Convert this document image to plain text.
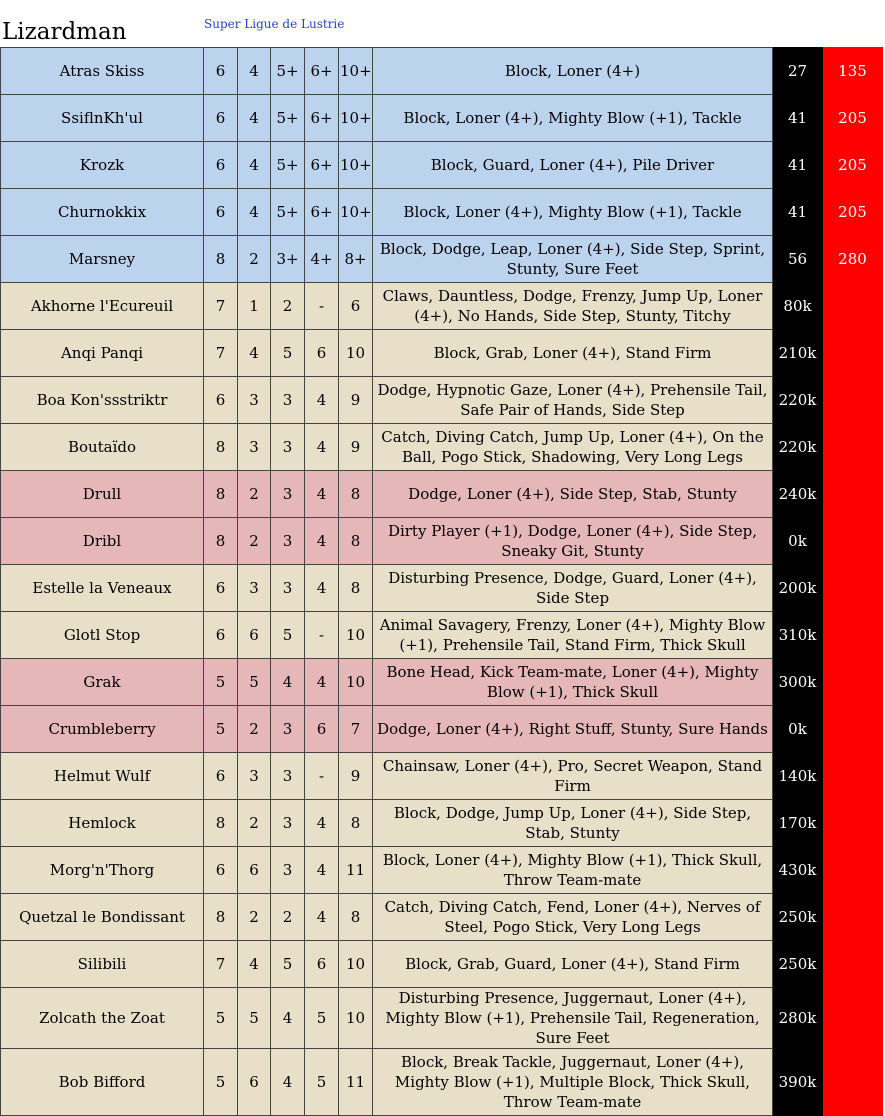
Lizardman	Super Ligue de Lustrie
Atras Skiss	6	4	5+	6+	10+	Block, Loner (4+)	27	135
SsiflnKh'ul	6	4	5+	6+	10+	Block, Loner (4+), Mighty Blow (+1), Tackle	41	205
Krozk	6	4	5+	6+	10+	Block, Guard, Loner (4+), Pile Driver	41	205
Churnokkix	6	4	5+	6+	10+	Block, Loner (4+), Mighty Blow (+1), Tackle	41	205
Marsney	8	2	3+	4+	8+	Block, Dodge, Leap, Loner (4+), Side Step, Sprint, Stunty, Sure Feet	56	280
Akhorne l'Ecureuil	7	1	2	-	6	Claws, Dauntless, Dodge, Frenzy, Jump Up, Loner (4+), No Hands, Side Step, Stunty, Titchy	80k	
Anqi Panqi	7	4	5	6	10	Block, Grab, Loner (4+), Stand Firm	210k	
Boa Kon'ssstriktr	6	3	3	4	9	Dodge, Hypnotic Gaze, Loner (4+), Prehensile Tail, Safe Pair of Hands, Side Step	220k	
Boutaïdo	8	3	3	4	9	Catch, Diving Catch, Jump Up, Loner (4+), On the Ball, Pogo Stick, Shadowing, Very Long Legs	220k	
Drull	8	2	3	4	8	Dodge, Loner (4+), Side Step, Stab, Stunty	240k	
Dribl	8	2	3	4	8	Dirty Player (+1), Dodge, Loner (4+), Side Step, Sneaky Git, Stunty	0k	
Estelle la Veneaux	6	3	3	4	8	Disturbing Presence, Dodge, Guard, Loner (4+), Side Step	200k	
Glotl Stop	6	6	5	-	10	Animal Savagery, Frenzy, Loner (4+), Mighty Blow (+1), Prehensile Tail, Stand Firm, Thick Skull	310k	
Grak	5	5	4	4	10	Bone Head, Kick Team-mate, Loner (4+), Mighty Blow (+1), Thick Skull	300k	
Crumbleberry	5	2	3	6	7	Dodge, Loner (4+), Right Stuff, Stunty, Sure Hands	0k	
Helmut Wulf	6	3	3	-	9	Chainsaw, Loner (4+), Pro, Secret Weapon, Stand Firm	140k	
Hemlock	8	2	3	4	8	Block, Dodge, Jump Up, Loner (4+), Side Step, Stab, Stunty	170k	
Morg'n'Thorg	6	6	3	4	11	Block, Loner (4+), Mighty Blow (+1), Thick Skull, Throw Team-mate	430k	
Quetzal le Bondissant	8	2	2	4	8	Catch, Diving Catch, Fend, Loner (4+), Nerves of Steel, Pogo Stick, Very Long Legs	250k	
Silibili	7	4	5	6	10	Block, Grab, Guard, Loner (4+), Stand Firm	250k	
Zolcath the Zoat	5	5	4	5	10	Disturbing Presence, Juggernaut, Loner (4+), Mighty Blow (+1), Prehensile Tail, Regeneration, Sure Feet	280k	
Bob Bifford	5	6	4	5	11	Block, Break Tackle, Juggernaut, Loner (4+), Mighty Blow (+1), Multiple Block, Thick Skull, Throw Team-mate	390k	
